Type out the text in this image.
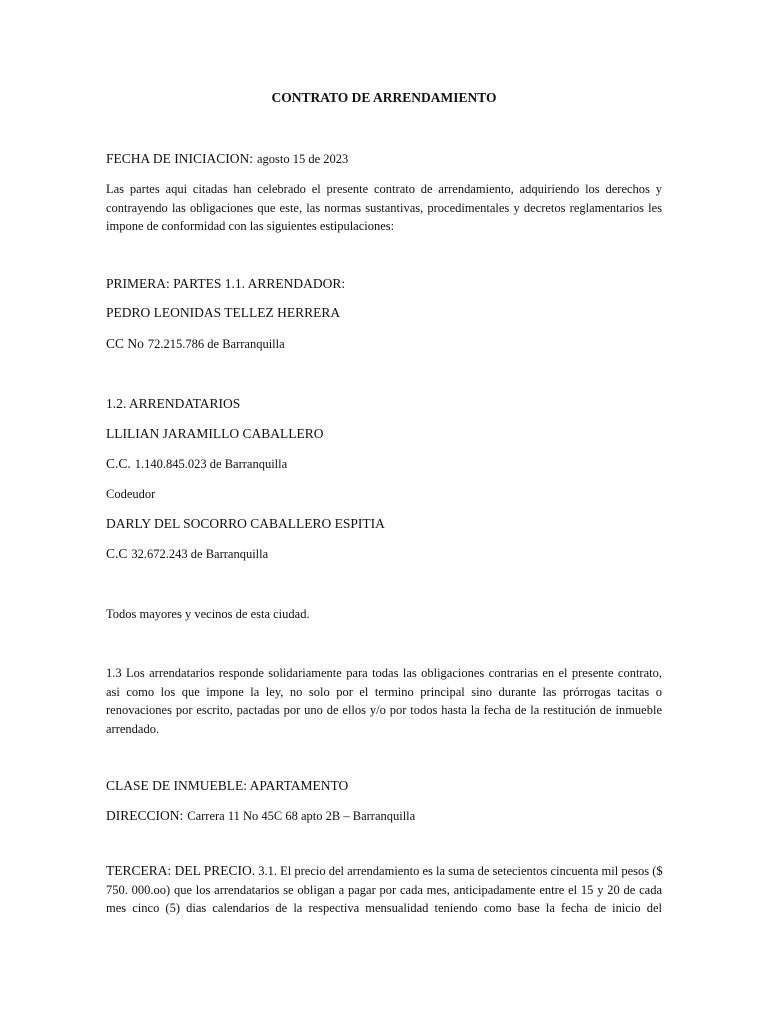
CONTRATO DE ARRENDAMIENTO
FECHA DE INICIACION: agosto 15 de 2023
Las partes aqui citadas han celebrado el presente contrato de arrendamiento, adquiriendo los derechos y
contrayendo las obligaciones que este, las normas sustantivas, procedimentales y decretos reglamentarios les
impone de conformidad con las siguientes estipulaciones:
PRIMERA: PARTES 1.1. ARRENDADOR:
PEDRO LEONIDAS TELLEZ HERRERA
CC No 72.215.786 de Barranquilla
1.2. ARRENDATARIOS
LLILIAN JARAMILLO CABALLERO
C.C. 1.140.845.023 de Barranquilla
Codeudor
DARLY DEL SOCORRO CABALLERO ESPITIA
C.C 32.672.243 de Barranquilla
Todos mayores y vecinos de esta ciudad.
1.3 Los arrendatarios responde solidariamente para todas las obligaciones contrarias en el presente contrato,
asi como los que impone la ley, no solo por el termino principal sino durante las prórrogas tacitas o
renovaciones por escrito, pactadas por uno de ellos y/o por todos hasta la fecha de la restitución de inmueble
arrendado.
CLASE DE INMUEBLE: APARTAMENTO
DIRECCION: Carrera 11 No 45C 68 apto 2B – Barranquilla
TERCERA: DEL PRECIO. 3.1. El precio del arrendamiento es la suma de setecientos cincuenta mil pesos ($
750. 000.oo) que los arrendatarios se obligan a pagar por cada mes, anticipadamente entre el 15 y 20 de cada
mes cinco (5) dias calendarios de la respectiva mensualidad teniendo como base la fecha de inicio del
